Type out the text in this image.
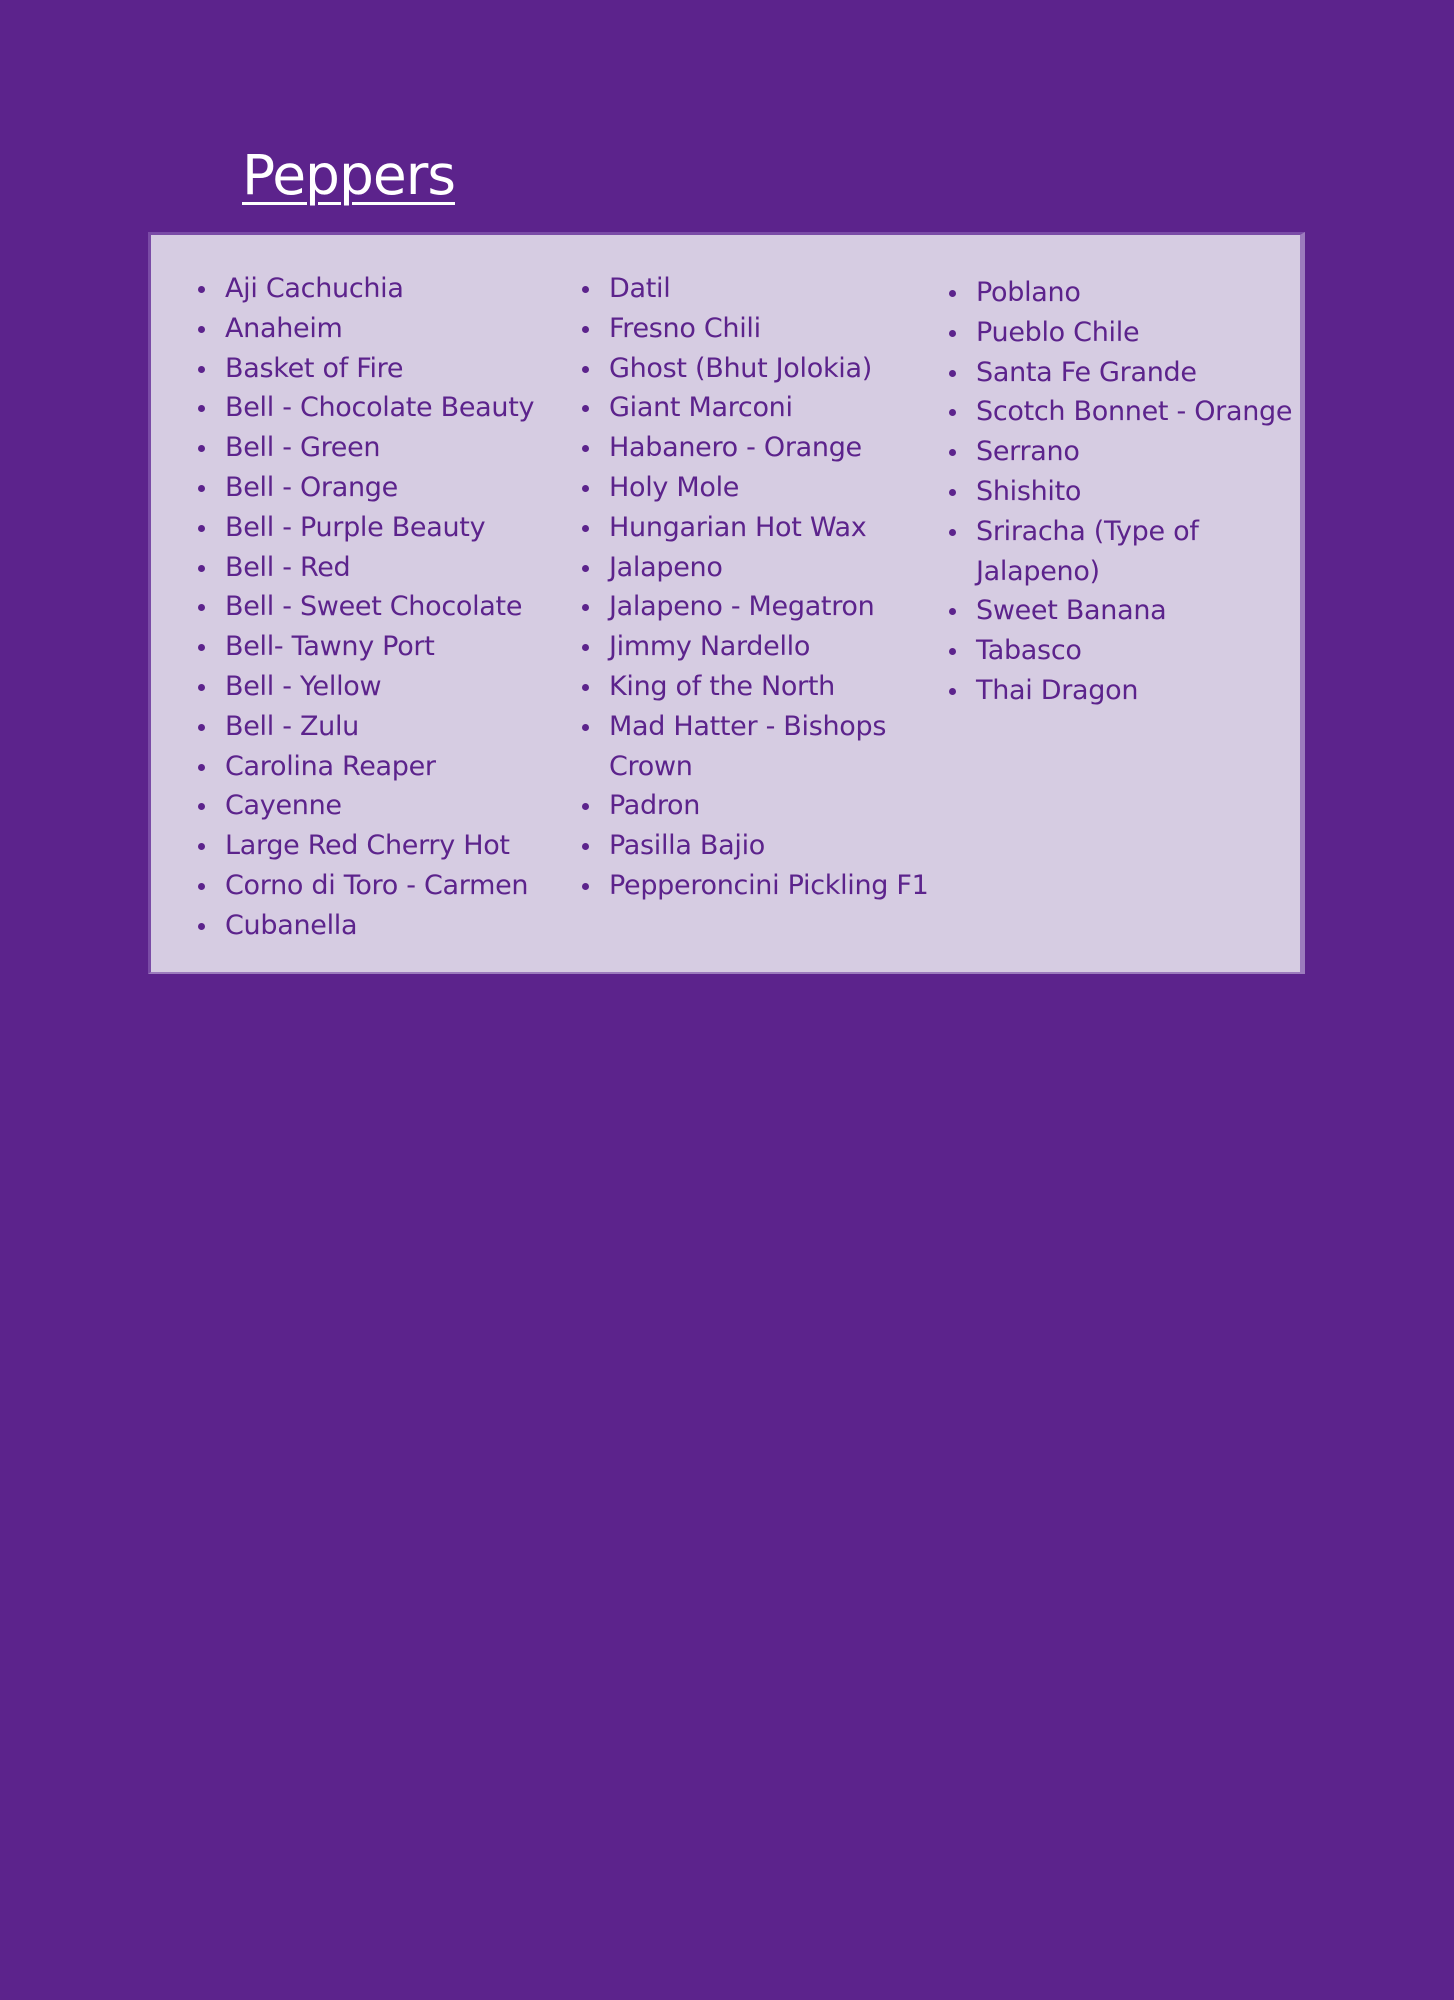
Peppers
Aji Cachuchia
Anaheim
Basket of Fire
Bell - Chocolate Beauty
Bell - Green
Bell - Orange
Bell - Purple Beauty
Bell - Red
Bell - Sweet Chocolate
Bell- Tawny Port
Bell - Yellow
Bell - Zulu
Carolina Reaper
Cayenne
Large Red Cherry Hot
Corno di Toro - Carmen
Cubanella
Datil
Fresno Chili
Ghost (Bhut Jolokia)
Giant Marconi
Habanero - Orange
Holy Mole
Hungarian Hot Wax
Jalapeno
Jalapeno - Megatron
Jimmy Nardello
King of the North
Mad Hatter - Bishops Crown
Padron
Pasilla Bajio
Pepperoncini Pickling F1
Poblano
Pueblo Chile
Santa Fe Grande
Scotch Bonnet - Orange
Serrano
Shishito
Sriracha (Type of Jalapeno)
Sweet Banana
Tabasco
Thai Dragon
